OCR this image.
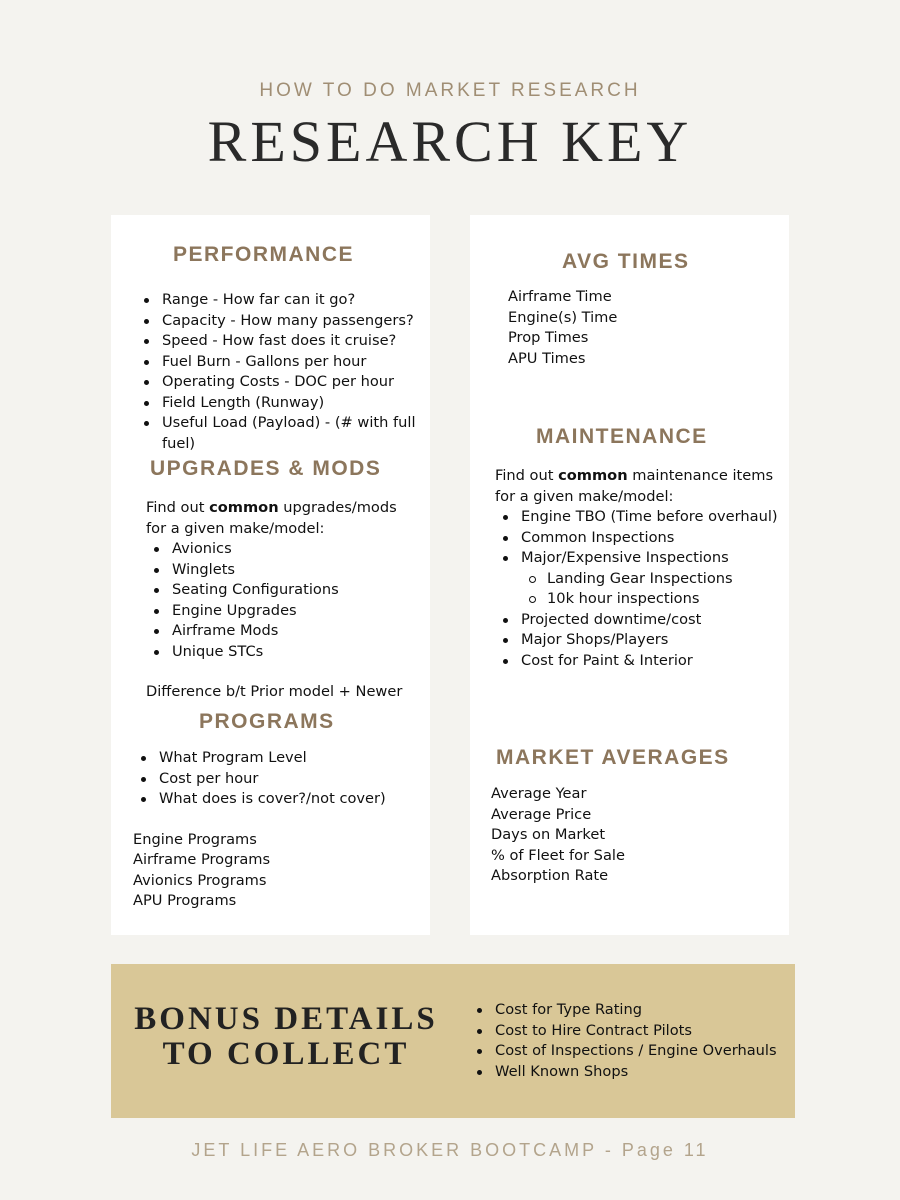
HOW TO DO MARKET RESEARCH
RESEARCH KEY
PERFORMANCE
Range - How far can it go?
Capacity - How many passengers?
Speed - How fast does it cruise?
Fuel Burn - Gallons per hour
Operating Costs - DOC per hour
Field Length (Runway)
Useful Load (Payload) - (# with full fuel)
UPGRADES & MODS
Find out common upgrades/mods for a given make/model:
Avionics
Winglets
Seating Configurations
Engine Upgrades
Airframe Mods
Unique STCs
Difference b/t Prior model + Newer
PROGRAMS
What Program Level
Cost per hour
What does is cover?/not cover)
Engine Programs
Airframe Programs
Avionics Programs
APU Programs
AVG TIMES
Airframe Time
Engine(s) Time
Prop Times
APU Times
MAINTENANCE
Find out common maintenance items for a given make/model:
Engine TBO (Time before overhaul)
Common Inspections
Major/Expensive Inspections
Landing Gear Inspections
10k hour inspections
Projected downtime/cost
Major Shops/Players
Cost for Paint & Interior
MARKET AVERAGES
Average Year
Average Price
Days on Market
% of Fleet for Sale
Absorption Rate
BONUS DETAILS
TO COLLECT
Cost for Type Rating
Cost to Hire Contract Pilots
Cost of Inspections / Engine Overhauls
Well Known Shops
JET LIFE AERO BROKER BOOTCAMP - Page 11
